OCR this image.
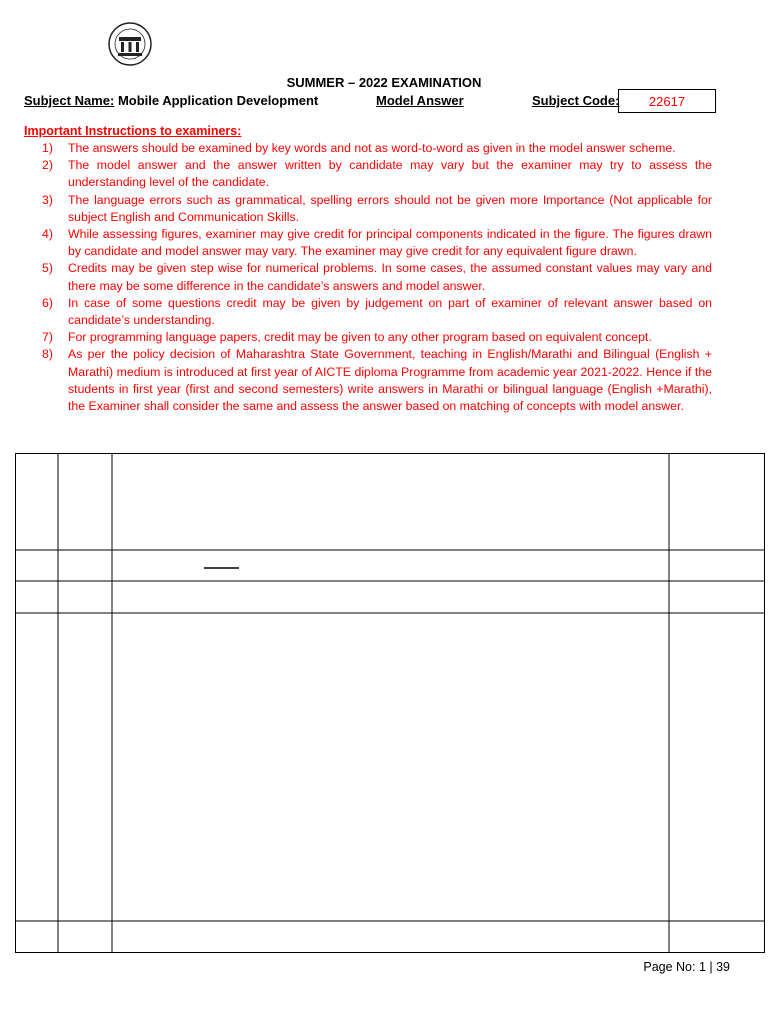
SUMMER – 2022 EXAMINATION
Subject Name: Mobile Application Development	Model Answer	Subject Code:	22617
Important Instructions to examiners:
1) The answers should be examined by key words and not as word-to-word as given in the model answer scheme.
2) The model answer and the answer written by candidate may vary but the examiner may try to assess the understanding level of the candidate.
3) The language errors such as grammatical, spelling errors should not be given more Importance (Not applicable for subject English and Communication Skills.
4) While assessing figures, examiner may give credit for principal components indicated in the figure. The figures drawn by candidate and model answer may vary. The examiner may give credit for any equivalent figure drawn.
5) Credits may be given step wise for numerical problems. In some cases, the assumed constant values may vary and there may be some difference in the candidate’s answers and model answer.
6) In case of some questions credit may be given by judgement on part of examiner of relevant answer based on candidate’s understanding.
7) For programming language papers, credit may be given to any other program based on equivalent concept.
8) As per the policy decision of Maharashtra State Government, teaching in English/Marathi and Bilingual (English + Marathi) medium is introduced at first year of AICTE diploma Programme from academic year 2021-2022. Hence if the students in first year (first and second semesters) write answers in Marathi or bilingual language (English +Marathi), the Examiner shall consider the same and assess the answer based on matching of concepts with model answer.
Page No: 1 | 39
